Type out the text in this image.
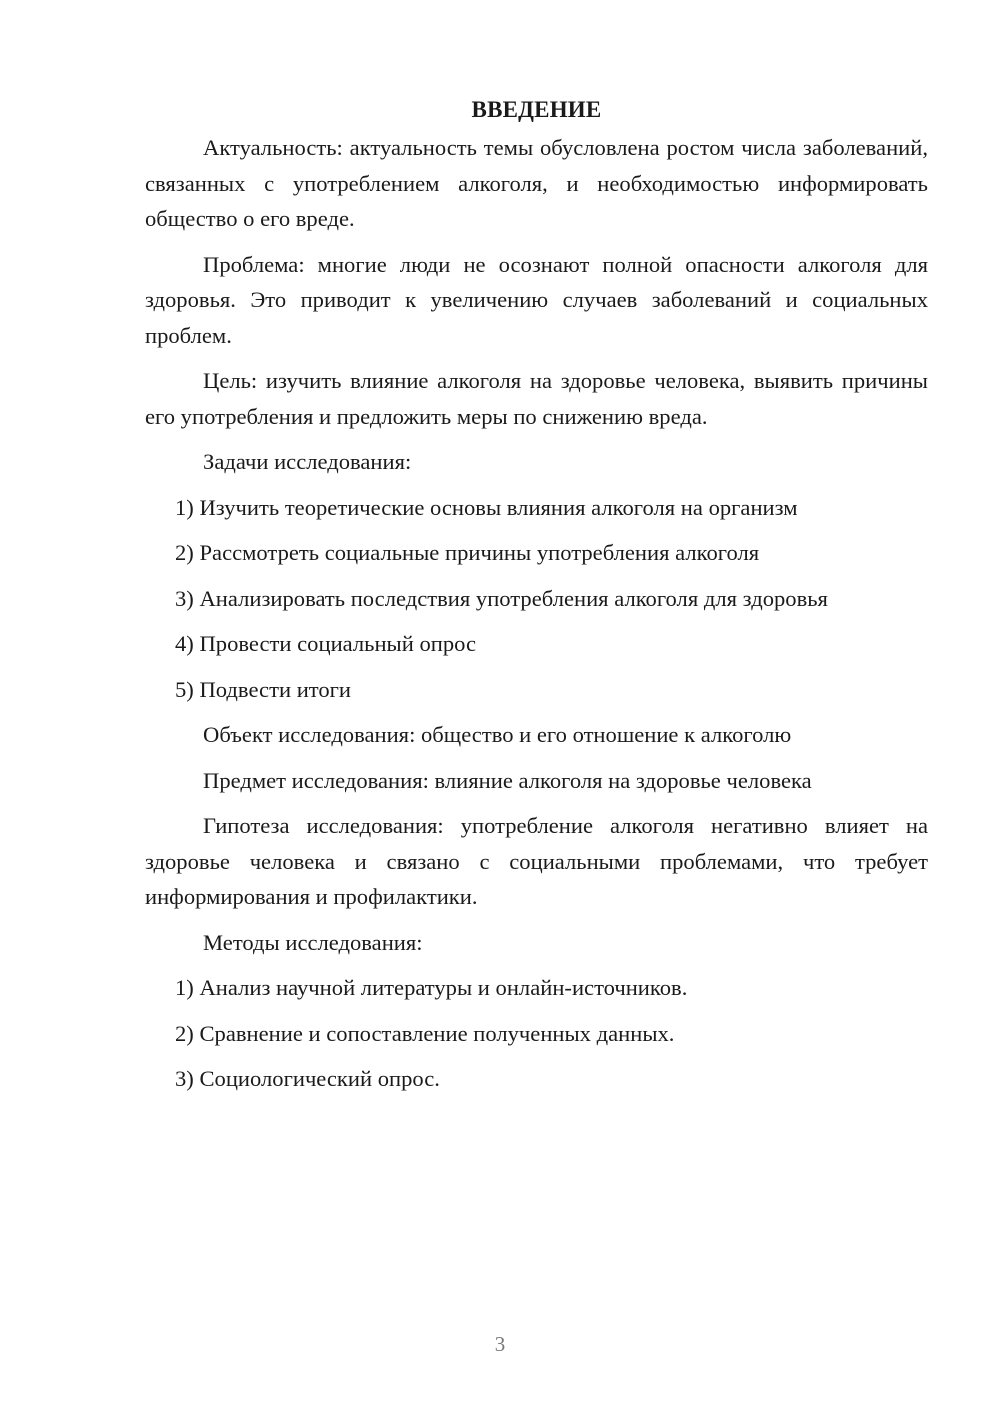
ВВЕДЕНИЕ

Актуальность: актуальность темы обусловлена ростом числа заболеваний, связанных с употреблением алкоголя, и необходимостью информировать общество о его вреде.

Проблема: многие люди не осознают полной опасности алкоголя для здоровья. Это приводит к увеличению случаев заболеваний и социальных проблем.

Цель: изучить влияние алкоголя на здоровье человека, выявить причины его употребления и предложить меры по снижению вреда.

Задачи исследования:

1) Изучить теоретические основы влияния алкоголя на организм
2) Рассмотреть социальные причины употребления алкоголя
3) Анализировать последствия употребления алкоголя для здоровья
4) Провести социальный опрос
5) Подвести итоги

Объект исследования: общество и его отношение к алкоголю

Предмет исследования: влияние алкоголя на здоровье человека

Гипотеза исследования: употребление алкоголя негативно влияет на здоровье человека и связано с социальными проблемами, что требует информирования и профилактики.

Методы исследования:

1) Анализ научной литературы и онлайн-источников.
2) Сравнение и сопоставление полученных данных.
3) Социологический опрос.
3
